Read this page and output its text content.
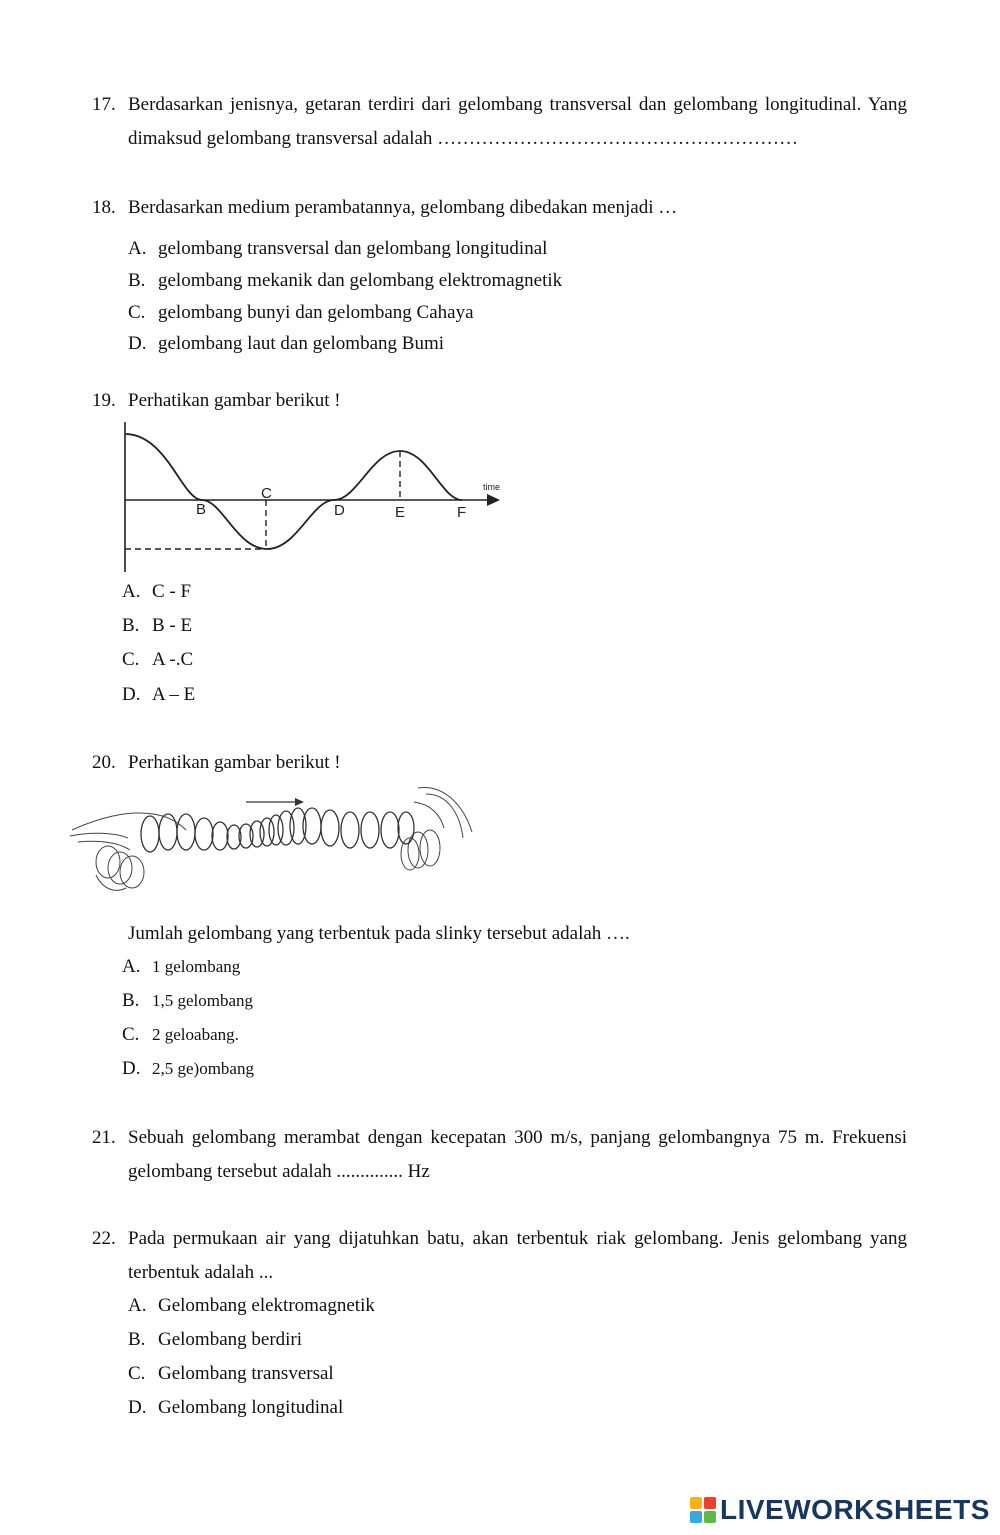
17. Berdasarkan jenisnya, getaran terdiri dari gelombang transversal dan gelombang longitudinal. Yang dimaksud gelombang transversal adalah …………………………………………………
18. Berdasarkan medium perambatannya, gelombang dibedakan menjadi …
A. gelombang transversal dan gelombang longitudinal
B. gelombang mekanik dan gelombang elektromagnetik
C. gelombang bunyi dan gelombang Cahaya
D. gelombang laut dan gelombang Bumi
19. Perhatikan gambar berikut !
B
C
D	E	F
time
A. C - F
B. B - E
C. A -.C
D. A – E
20. Perhatikan gambar berikut !
Jumlah gelombang yang terbentuk pada slinky tersebut adalah ….
A. 1 gelombang
B. 1,5 gelombang
C. 2 geloabang.
D. 2,5 ge)ombang
21. Sebuah gelombang merambat dengan kecepatan 300 m/s, panjang gelombangnya 75 m. Frekuensi gelombang tersebut adalah .............. Hz
22. Pada permukaan air yang dijatuhkan batu, akan terbentuk riak gelombang. Jenis gelombang yang terbentuk adalah ...
A. Gelombang elektromagnetik
B. Gelombang berdiri
C. Gelombang transversal
D. Gelombang longitudinal
LIVEWORKSHEETS
